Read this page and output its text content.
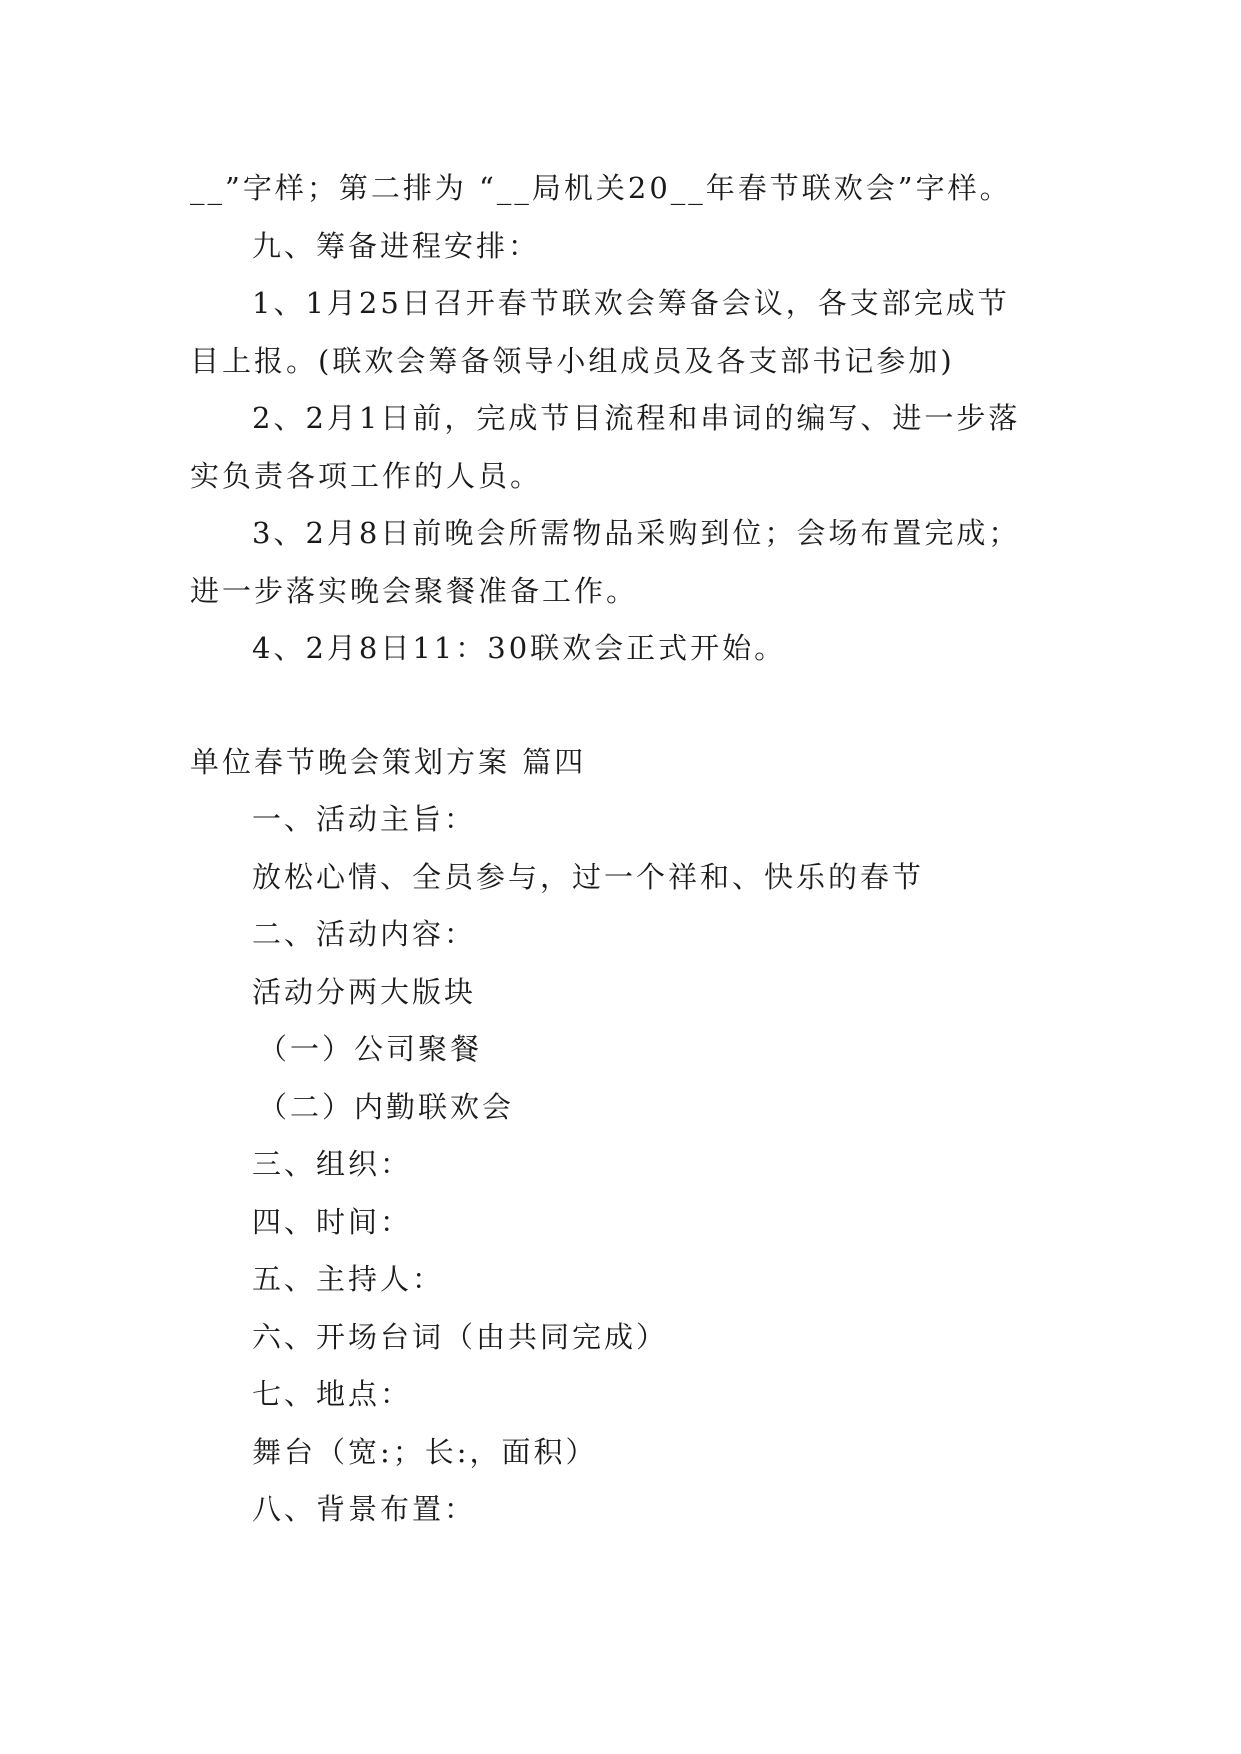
__”字样；第二排为 “__局机关20__年春节联欢会”字样。
九、筹备进程安排：
1、1月25日召开春节联欢会筹备会议，各支部完成节
目上报。(联欢会筹备领导小组成员及各支部书记参加)
2、2月1日前，完成节目流程和串词的编写、进一步落
实负责各项工作的人员。
3、2月8日前晚会所需物品采购到位；会场布置完成；
进一步落实晚会聚餐准备工作。
4、2月8日11：30联欢会正式开始。
单位春节晚会策划方案 篇四
一、活动主旨：
放松心情、全员参与，过一个祥和、快乐的春节
二、活动内容：
活动分两大版块
（一）公司聚餐
（二）内勤联欢会
三、组织：
四、时间：
五、主持人：
六、开场台词（由共同完成）
七、地点：
舞台（宽:；长:，面积）
八、背景布置：
